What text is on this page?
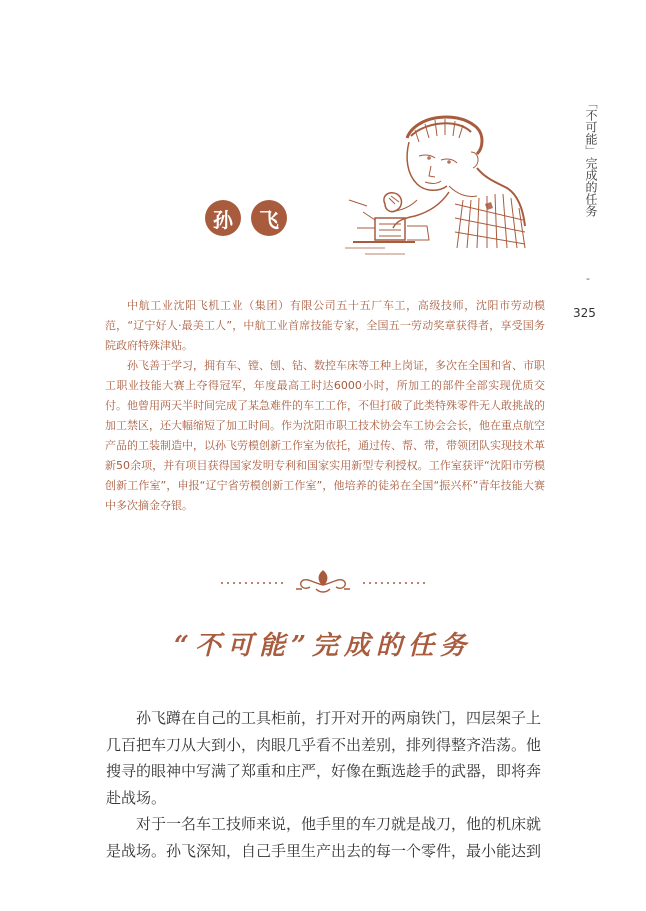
「不可能」完成的任务
-
325
孙	飞

中航工业沈阳飞机工业（集团）有限公司五十五厂车工，高级技师，沈阳市劳动模范，“辽宁好人·最美工人”，中航工业首席技能专家，全国五一劳动奖章获得者，享受国务院政府特殊津贴。

孙飞善于学习，拥有车、镗、刨、钻、数控车床等工种上岗证，多次在全国和省、市职工职业技能大赛上夺得冠军，年度最高工时达6000小时，所加工的部件全部实现优质交付。他曾用两天半时间完成了某急难件的车工工作，不但打破了此类特殊零件无人敢挑战的加工禁区，还大幅缩短了加工时间。作为沈阳市职工技术协会车工协会会长，他在重点航空产品的工装制造中，以孙飞劳模创新工作室为依托，通过传、帮、带，带领团队实现技术革新50余项，并有项目获得国家发明专利和国家实用新型专利授权。工作室获评“沈阳市劳模创新工作室”，申报“辽宁省劳模创新工作室”，他培养的徒弟在全国“振兴杯”青年技能大赛中多次摘金夺银。

“不可能”完成的任务

孙飞蹲在自己的工具柜前，打开对开的两扇铁门，四层架子上几百把车刀从大到小，肉眼几乎看不出差别，排列得整齐浩荡。他搜寻的眼神中写满了郑重和庄严，好像在甄选趁手的武器，即将奔赴战场。

对于一名车工技师来说，他手里的车刀就是战刀，他的机床就是战场。孙飞深知，自己手里生产出去的每一个零件，最小能达到
